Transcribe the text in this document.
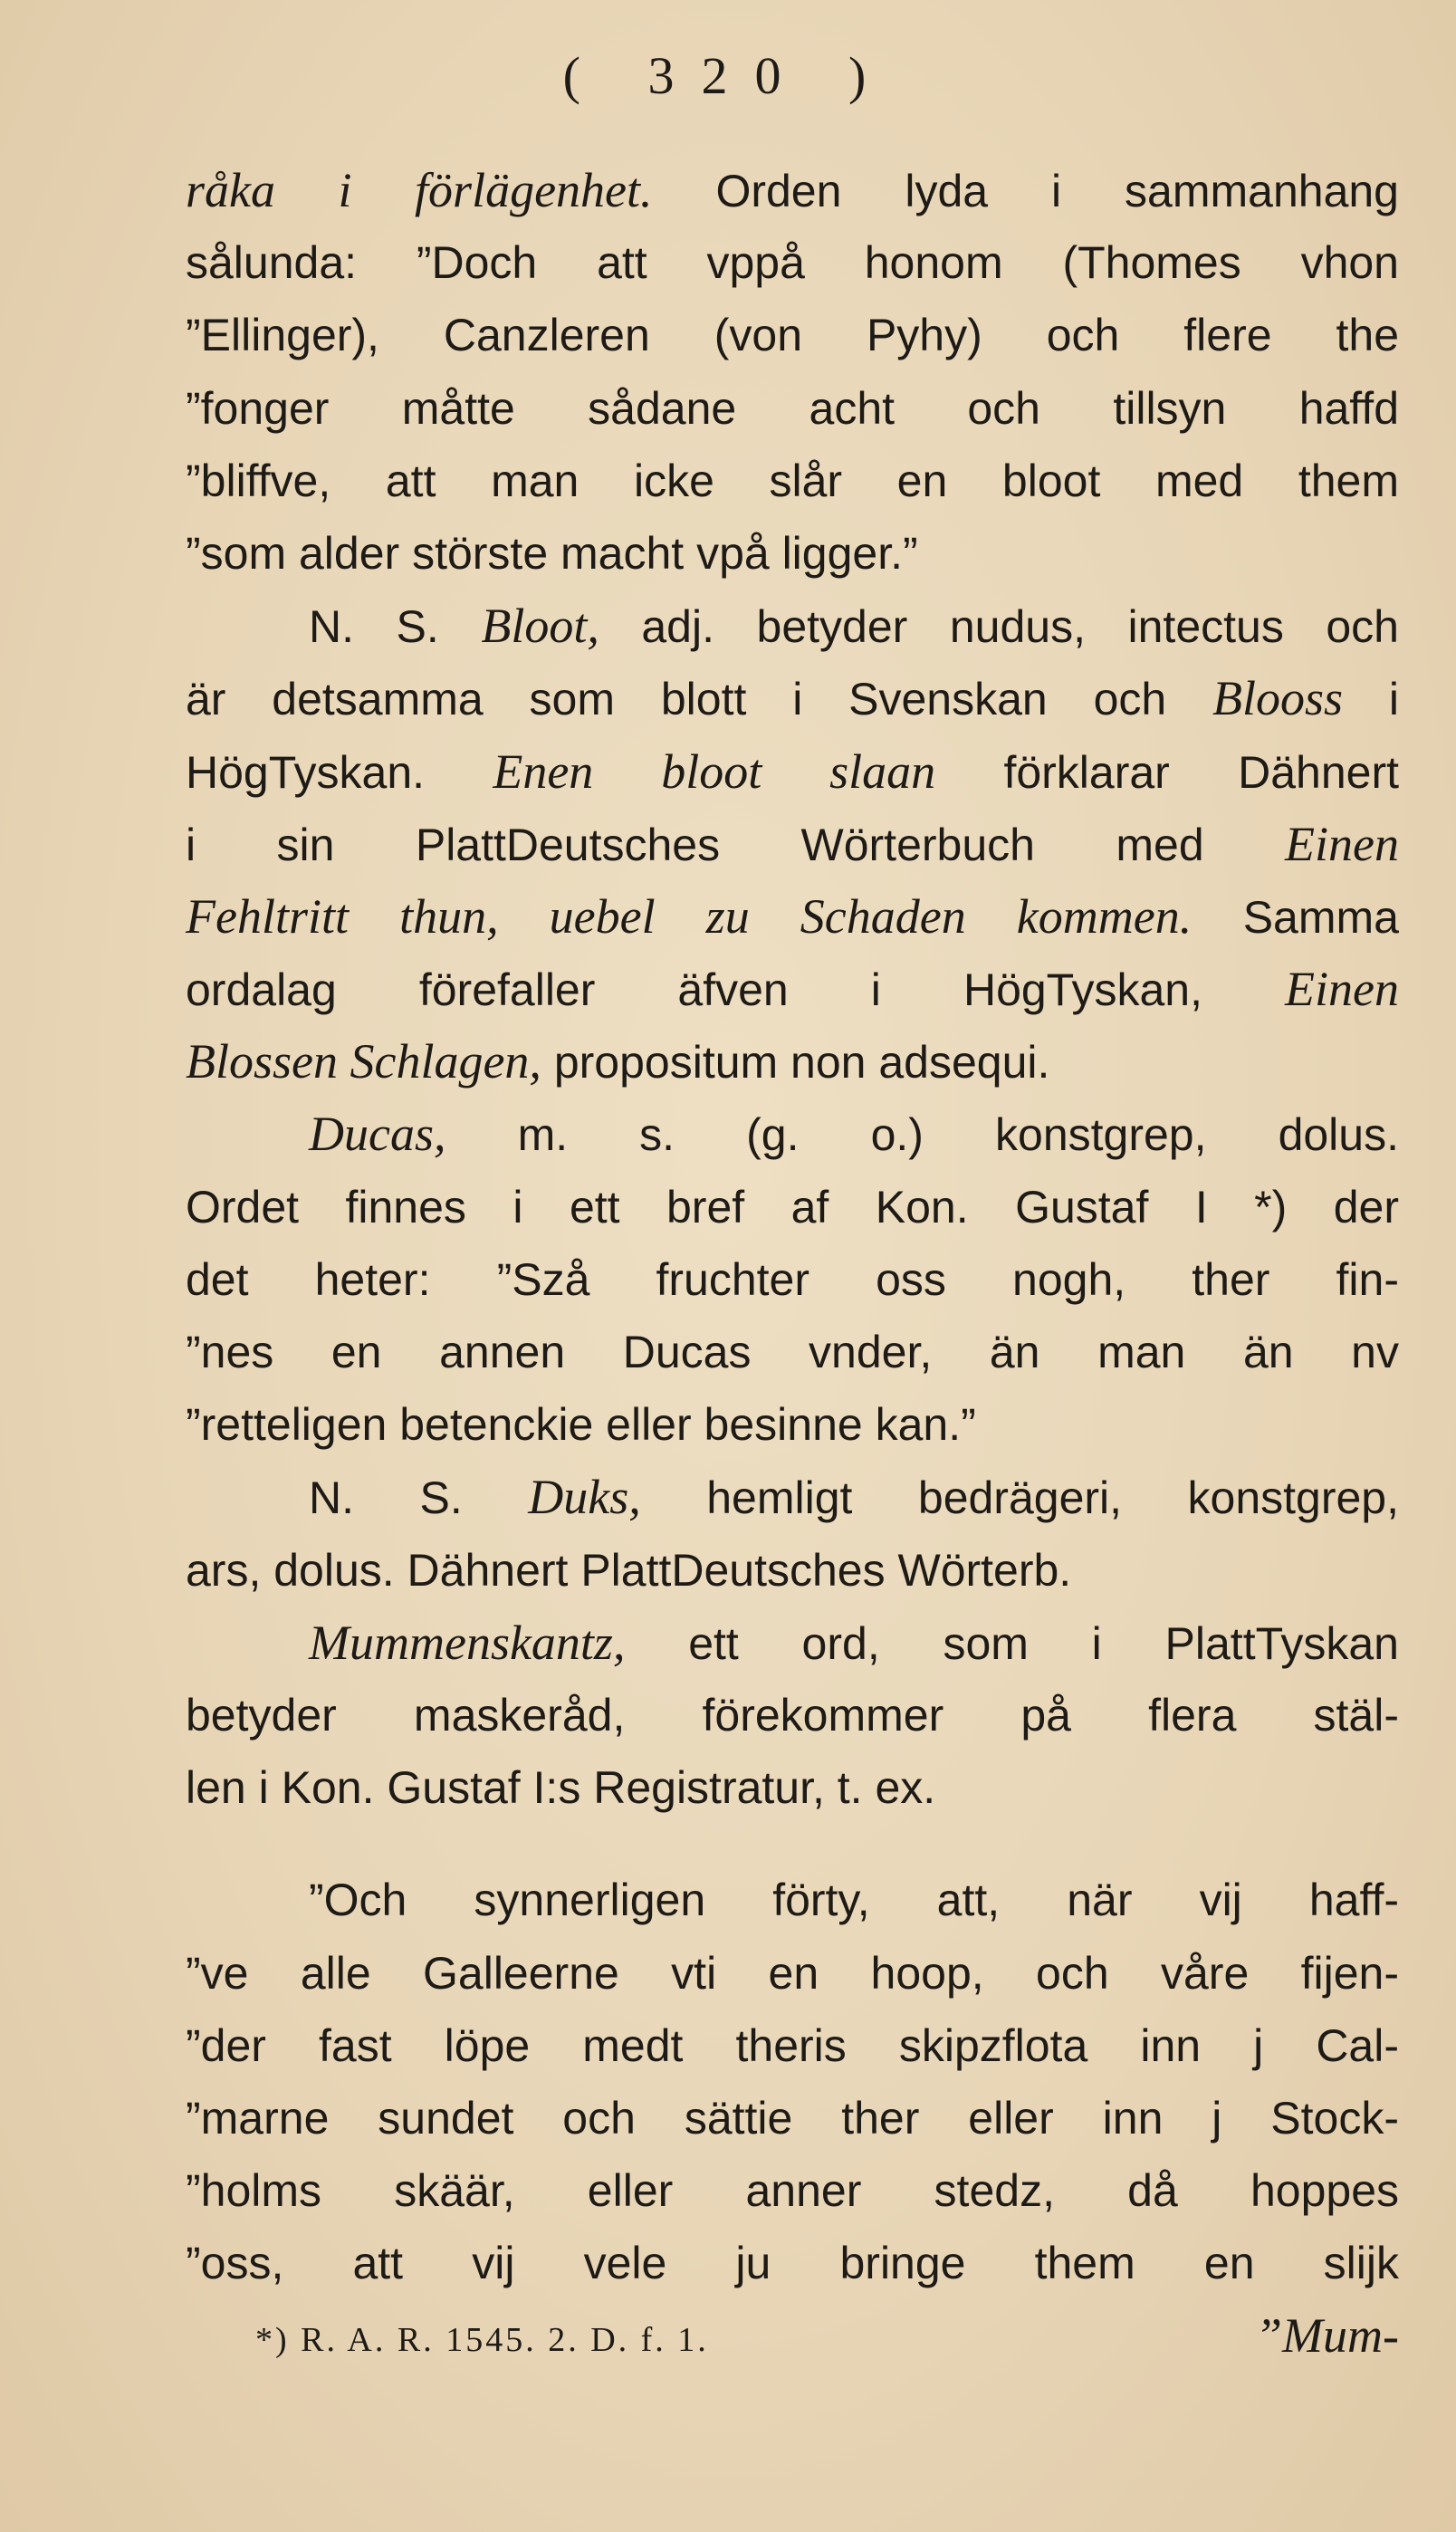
( 320 )
råka i förlägenhet. Orden lyda i sammanhang
sålunda: ”Doch att vppå honom (Thomes vhon
”Ellinger), Canzleren (von Pyhy) och flere the
”fonger måtte sådane acht och tillsyn haffd
”bliffve, att man icke slår en bloot med them
”som alder störste macht vpå ligger.”
N. S. Bloot, adj. betyder nudus, intectus och
är detsamma som blott i Svenskan och Blooss i
HögTyskan. Enen bloot slaan förklarar Dähnert
i sin PlattDeutsches Wörterbuch med Einen
Fehltritt thun, uebel zu Schaden kommen. Samma
ordalag förefaller äfven i HögTyskan, Einen
Blossen Schlagen, propositum non adsequi.
Ducas, m. s. (g. o.) konstgrep, dolus.
Ordet finnes i ett bref af Kon. Gustaf I *) der
det heter: ”Szå fruchter oss nogh, ther fin-
”nes en annen Ducas vnder, än man än nv
”retteligen betenckie eller besinne kan.”
N. S. Duks, hemligt bedrägeri, konstgrep,
ars, dolus. Dähnert PlattDeutsches Wörterb.
Mummenskantz, ett ord, som i PlattTyskan
betyder maskeråd, förekommer på flera stäl-
len i Kon. Gustaf I:s Registratur, t. ex.
”Och synnerligen förty, att, när vij haff-
”ve alle Galleerne vti en hoop, och våre fijen-
”der fast löpe medt theris skipzflota inn j Cal-
”marne sundet och sättie ther eller inn j Stock-
”holms skäär, eller anner stedz, då hoppes
”oss, att vij vele ju bringe them en slijk
”Mum-
*) R. A. R. 1545. 2. D. f. 1.
